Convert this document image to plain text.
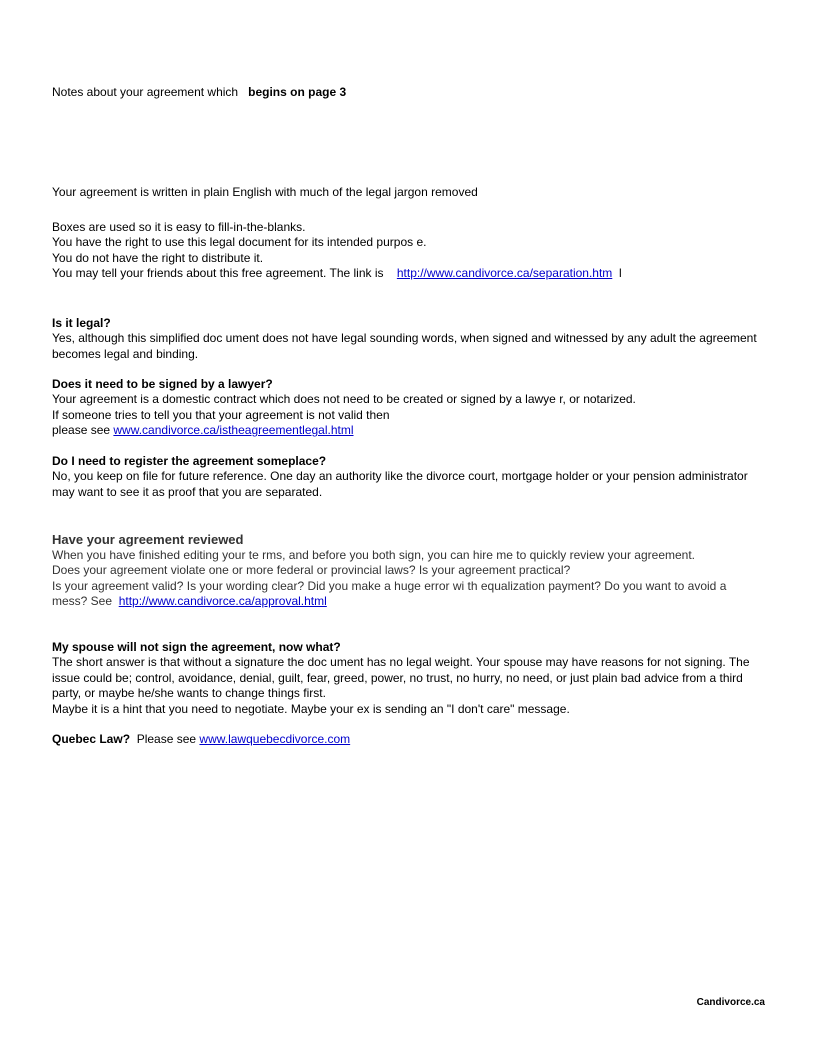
Notes about your agreement which begins on page 3
Your agreement is written in plain English with much of the legal jargon removed

Boxes are used so it is easy to fill-in-the-blanks.

You have the right to use this legal document for its intended purpos e.

You do not have the right to distribute it.

You may tell your friends about this free agreement. The link is http://www.candivorce.ca/separation.htm l

Is it legal?

Yes, although this simplified doc ument does not have legal sounding words, when signed and witnessed by any adult the agreement becomes legal and binding.

Does it need to be signed by a lawyer?

Your agreement is a domestic contract which does not need to be created or signed by a lawye r, or notarized.

If someone tries to tell you that your agreement is not valid then

please see www.candivorce.ca/istheagreementlegal.html

Do I need to register the agreement someplace?

No, you keep on file for future reference. One day an authority like the divorce court, mortgage holder or your pension administrator may want to see it as proof that you are separated.

Have your agreement reviewed

When you have finished editing your te rms, and before you both sign, you can hire me to quickly review your agreement.

Does your agreement violate one or more federal or provincial laws? Is your agreement practical?

Is your agreement valid? Is your wording clear? Did you make a huge error wi th equalization payment? Do you want to avoid a mess? See http://www.candivorce.ca/approval.html

My spouse will not sign the agreement, now what?

The short answer is that without a signature the doc ument has no legal weight. Your spouse may have reasons for not signing. The issue could be; control, avoidance, denial, guilt, fear, greed, power, no trust, no hurry, no need, or just plain bad advice from a third party, or maybe he/she wants to change things first.

Maybe it is a hint that you need to negotiate. Maybe your ex is sending an "I don't care" message.

Quebec Law? Please see www.lawquebecdivorce.com
Candivorce.ca
